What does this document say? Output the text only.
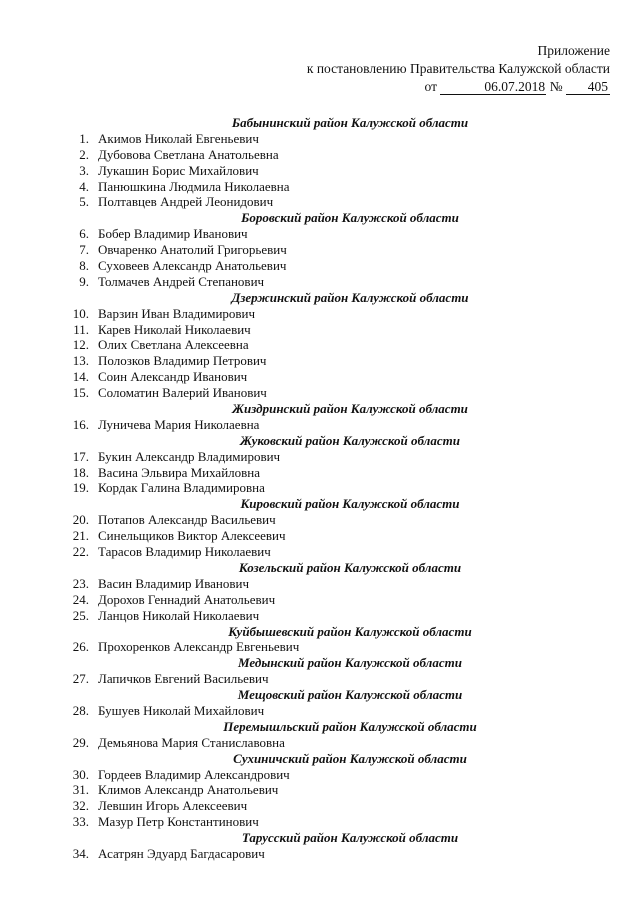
Приложение
к постановлению Правительства Калужской области
от	06.07.2018 № 405
Бабынинский район Калужской области
1. Акимов Николай Евгеньевич
2. Дубовова Светлана Анатольевна
3. Лукашин Борис Михайлович
4. Панюшкина Людмила Николаевна
5. Полтавцев Андрей Леонидович
Боровский район Калужской области
6. Бобер Владимир Иванович
7. Овчаренко Анатолий Григорьевич
8. Суховеев Александр Анатольевич
9. Толмачев Андрей Степанович
Дзержинский район Калужской области
10. Варзин Иван Владимирович
11. Карев Николай Николаевич
12. Олих Светлана Алексеевна
13. Полозков Владимир Петрович
14. Соин Александр Иванович
15. Соломатин Валерий Иванович
Жиздринский район Калужской области
16. Луничева Мария Николаевна
Жуковский район Калужской области
17. Букин Александр Владимирович
18. Васина Эльвира Михайловна
19. Кордак Галина Владимировна
Кировский район Калужской области
20. Потапов Александр Васильевич
21. Синельщиков Виктор Алексеевич
22. Тарасов Владимир Николаевич
Козельский район Калужской области
23. Васин Владимир Иванович
24. Дорохов Геннадий Анатольевич
25. Ланцов Николай Николаевич
Куйбышевский район Калужской области
26. Прохоренков Александр Евгеньевич
Медынский район Калужской области
27. Лапичков Евгений Васильевич
Мещовский район Калужской области
28. Бушуев Николай Михайлович
Перемышльский район Калужской области
29. Демьянова Мария Станиславовна
Сухиничский район Калужской области
30. Гордеев Владимир Александрович
31. Климов Александр Анатольевич
32. Левшин Игорь Алексеевич
33. Мазур Петр Константинович
Тарусский район Калужской области
34. Асатрян Эдуард Багдасарович
